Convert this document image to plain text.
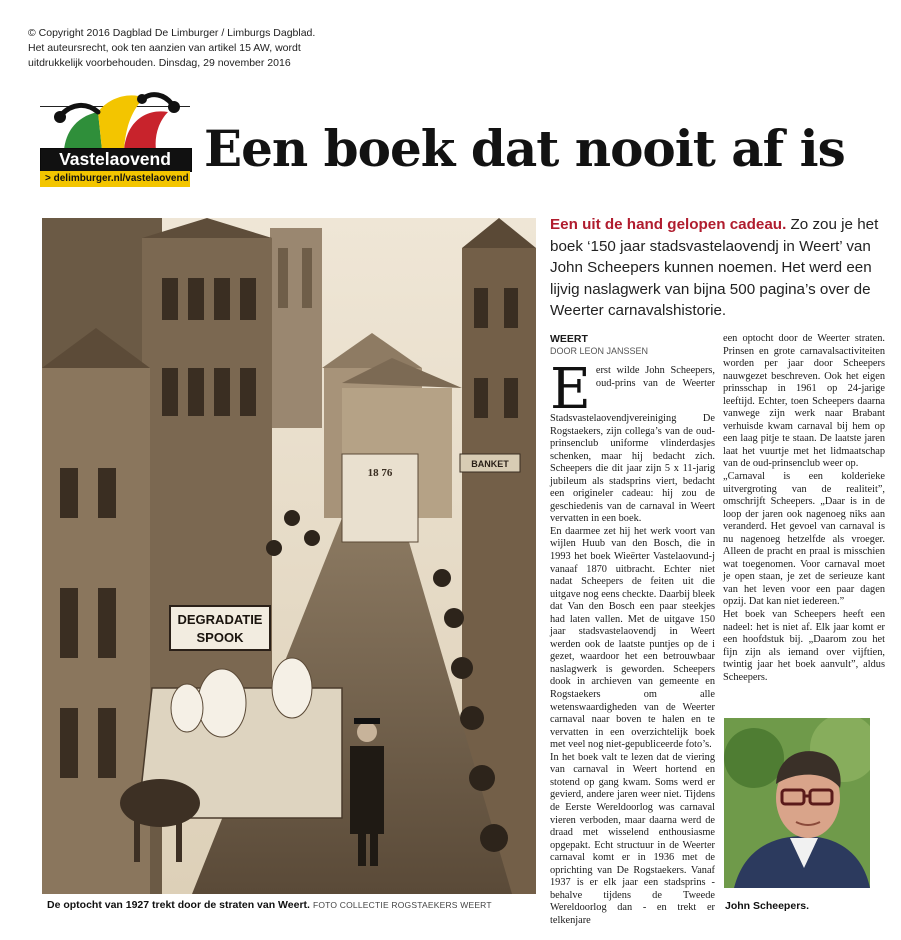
© Copyright 2016 Dagblad De Limburger / Limburgs Dagblad.
Het auteursrecht, ook ten aanzien van artikel 15 AW, wordt
uitdrukkelijk voorbehouden. Dinsdag, 29 november 2016
Vastelaovend
> delimburger.nl/vastelaovend
Een boek dat nooit af is
BANKET
18 76
DEGRADATIE
SPOOK
De optocht van 1927 trekt door de straten van Weert. FOTO COLLECTIE ROGSTAEKERS WEERT
Een uit de hand gelopen cadeau. Zo zou je het boek ‘150 jaar stadsvastelaovendj in Weert’ van John Scheepers kunnen noemen. Het werd een lijvig naslagwerk van bijna 500 pagina’s over de Weerter carnavalshistorie.
WEERT
DOOR LEON JANSSEN

Eerst wilde John Scheepers, oud-prins van de Weerter Stadsvastelaovendjvereiniging De Rogstaekers, zijn collega’s van de oud-prinsenclub uniforme vlinderdasjes schenken, maar hij bedacht zich. Scheepers die dit jaar zijn 5 x 11-jarig jubileum als stadsprins viert, bedacht een origineler cadeau: hij zou de geschiedenis van de carnaval in Weert vervatten in een boek.

En daarmee zet hij het werk voort van wijlen Huub van den Bosch, die in 1993 het boek Wieërter Vastelaovund-j vanaaf 1870 uitbracht. Echter niet nadat Scheepers de feiten uit die uitgave nog eens checkte. Daarbij bleek dat Van den Bosch een paar steekjes had laten vallen. Met de uitgave 150 jaar stadsvastelaovendj in Weert werden ook de laatste puntjes op de i gezet, waardoor het een betrouwbaar naslagwerk is geworden. Scheepers dook in archieven van gemeente en Rogstaekers om alle wetenswaardigheden van de Weerter carnaval naar boven te halen en te vervatten in een overzichtelijk boek met veel nog niet-gepubliceerde foto’s.

In het boek valt te lezen dat de viering van carnaval in Weert hortend en stotend op gang kwam. Soms werd er gevierd, andere jaren weer niet. Tijdens de Eerste Wereldoorlog was carnaval vieren verboden, maar daarna werd de draad met wisselend enthousiasme opgepakt. Echt structuur in de Weerter carnaval komt er in 1936 met de oprichting van De Rogstaekers. Vanaf 1937 is er elk jaar een stadsprins - behalve tijdens de Tweede Wereldoorlog dan - en trekt er telkenjare

een optocht door de Weerter straten. Prinsen en grote carnavalsactiviteiten worden per jaar door Scheepers nauwgezet beschreven. Ook het eigen prinsschap in 1961 op 24-jarige leeftijd. Echter, toen Scheepers daarna vanwege zijn werk naar Brabant verhuisde kwam carnaval bij hem op een laag pitje te staan. De laatste jaren laat het vuurtje met het lidmaatschap van de oud-prinsenclub weer op.

„Carnaval is een kolderieke uitvergroting van de realiteit”, omschrijft Scheepers. „Daar is in de loop der jaren ook nagenoeg niks aan veranderd. Het gevoel van carnaval is nu nagenoeg hetzelfde als vroeger. Alleen de pracht en praal is misschien wat toegenomen. Voor carnaval moet je open staan, je zet de serieuze kant van het leven voor een paar dagen opzij. Dat kan niet iedereen.”

Het boek van Scheepers heeft een nadeel: het is niet af. Elk jaar komt er een hoofdstuk bij. „Daarom zou het fijn zijn als iemand over vijftien, twintig jaar het boek aanvult”, aldus Scheepers.

John Scheepers.
